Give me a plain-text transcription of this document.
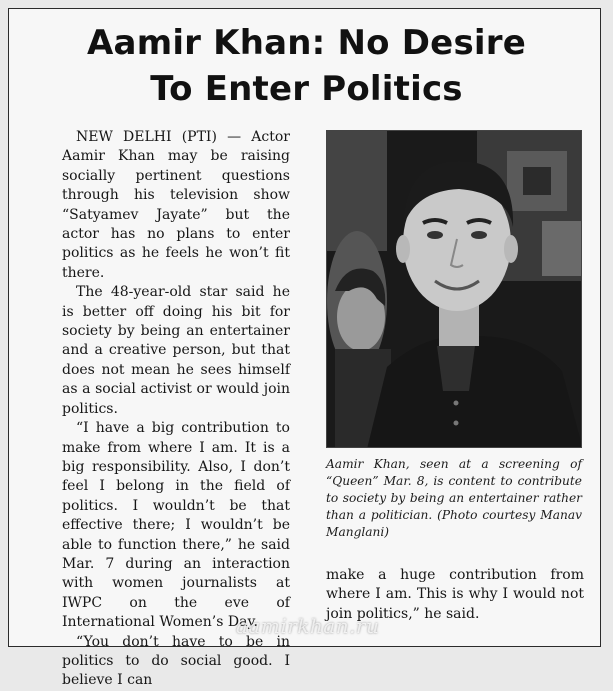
Aamir Khan: No Desire
To Enter Politics

NEW DELHI (PTI) — Actor Aamir Khan may be raising socially pertinent questions through his television show “Satyamev Jayate” but the actor has no plans to enter politics as he feels he won’t fit there.

The 48-year-old star said he is better off doing his bit for society by being an entertainer and a creative person, but that does not mean he sees himself as a social activist or would join politics.

“I have a big contribution to make from where I am. It is a big responsibility. Also, I don’t feel I belong in the field of politics. I wouldn’t be that effective there; I wouldn’t be able to function there,” he said Mar. 7 during an interaction with women journalists at IWPC on the eve of International Women’s Day.

“You don’t have to be in politics to do social good. I believe I can

Aamir Khan, seen at a screening of “Queen” Mar. 8, is content to contribute to society by being an entertainer rather than a politician. (Photo courtesy Manav Manglani)

make a huge contribution from where I am. This is why I would not join politics,” he said.

aamirkhan.ru
